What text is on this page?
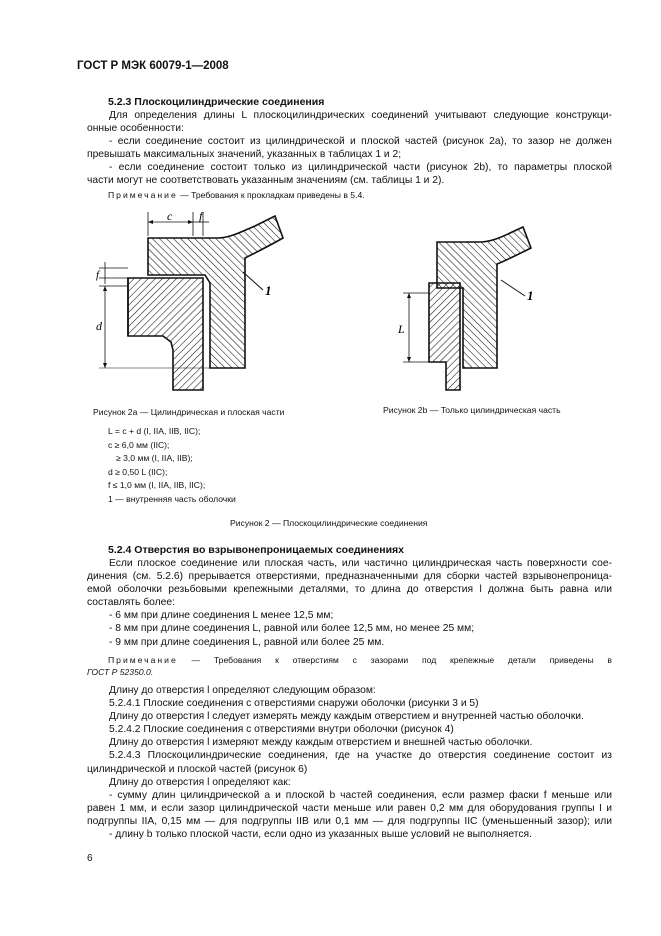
ГОСТ Р МЭК 60079-1—2008
5.2.3 Плоскоцилиндрические соединения
Для определения длины L плоскоцилиндрических соединений учитывают следующие конструкци-
онные особенности:
- если соединение состоит из цилиндрической и плоской частей (рисунок 2a), то зазор не должен
превышать максимальных значений, указанных в таблицах 1 и 2;
- если соединение состоит только из цилиндрической части (рисунок 2b), то параметры плоской
части могут не соответствовать указанным значениям (см. таблицы 1 и 2).
Примечание — Требования к прокладкам приведены в 5.4.
c f
f
d
1
L
1
Рисунок 2a — Цилиндрическая и плоская части	Рисунок 2b — Только цилиндрическая часть
L = c + d (I, IIA, IIB, IIC);
c ≥ 6,0 мм (IIC);
≥ 3,0 мм (I, IIA, IIB);
d ≥ 0,50 L (IIC);
f ≤ 1,0 мм (I, IIA, IIB, IIC);
1 — внутренняя часть оболочки
Рисунок 2 — Плоскоцилиндрические соединения
5.2.4 Отверстия во взрывонепроницаемых соединениях
Если плоское соединение или плоская часть, или частично цилиндрическая часть поверхности сое-
динения (см. 5.2.6) прерывается отверстиями, предназначенными для сборки частей взрывонепроница-
емой оболочки резьбовыми крепежными деталями, то длина до отверстия l должна быть равна или
составлять более:
- 6 мм при длине соединения L менее 12,5 мм;
- 8 мм при длине соединения L, равной или более 12,5 мм, но менее 25 мм;
- 9 мм при длине соединения L, равной или более 25 мм.
Примечание — Требования к отверстиям с зазорами под крепежные детали приведены в
ГОСТ Р 52350.0.
Длину до отверстия l определяют следующим образом:
5.2.4.1 Плоские соединения с отверстиями снаружи оболочки (рисунки 3 и 5)
Длину до отверстия l следует измерять между каждым отверстием и внутренней частью оболочки.
5.2.4.2 Плоские соединения с отверстиями внутри оболочки (рисунок 4)
Длину до отверстия l измеряют между каждым отверстием и внешней частью оболочки.
5.2.4.3 Плоскоцилиндрические соединения, где на участке до отверстия соединение состоит из
цилиндрической и плоской частей (рисунок 6)
Длину до отверстия l определяют как:
- сумму длин цилиндрической a и плоской b частей соединения, если размер фаски f меньше или
равен 1 мм, и если зазор цилиндрической части меньше или равен 0,2 мм для оборудования группы I и
подгруппы IIA, 0,15 мм — для подгруппы IIB или 0,1 мм — для подгруппы IIC (уменьшенный зазор); или
- длину b только плоской части, если одно из указанных выше условий не выполняется.
6
